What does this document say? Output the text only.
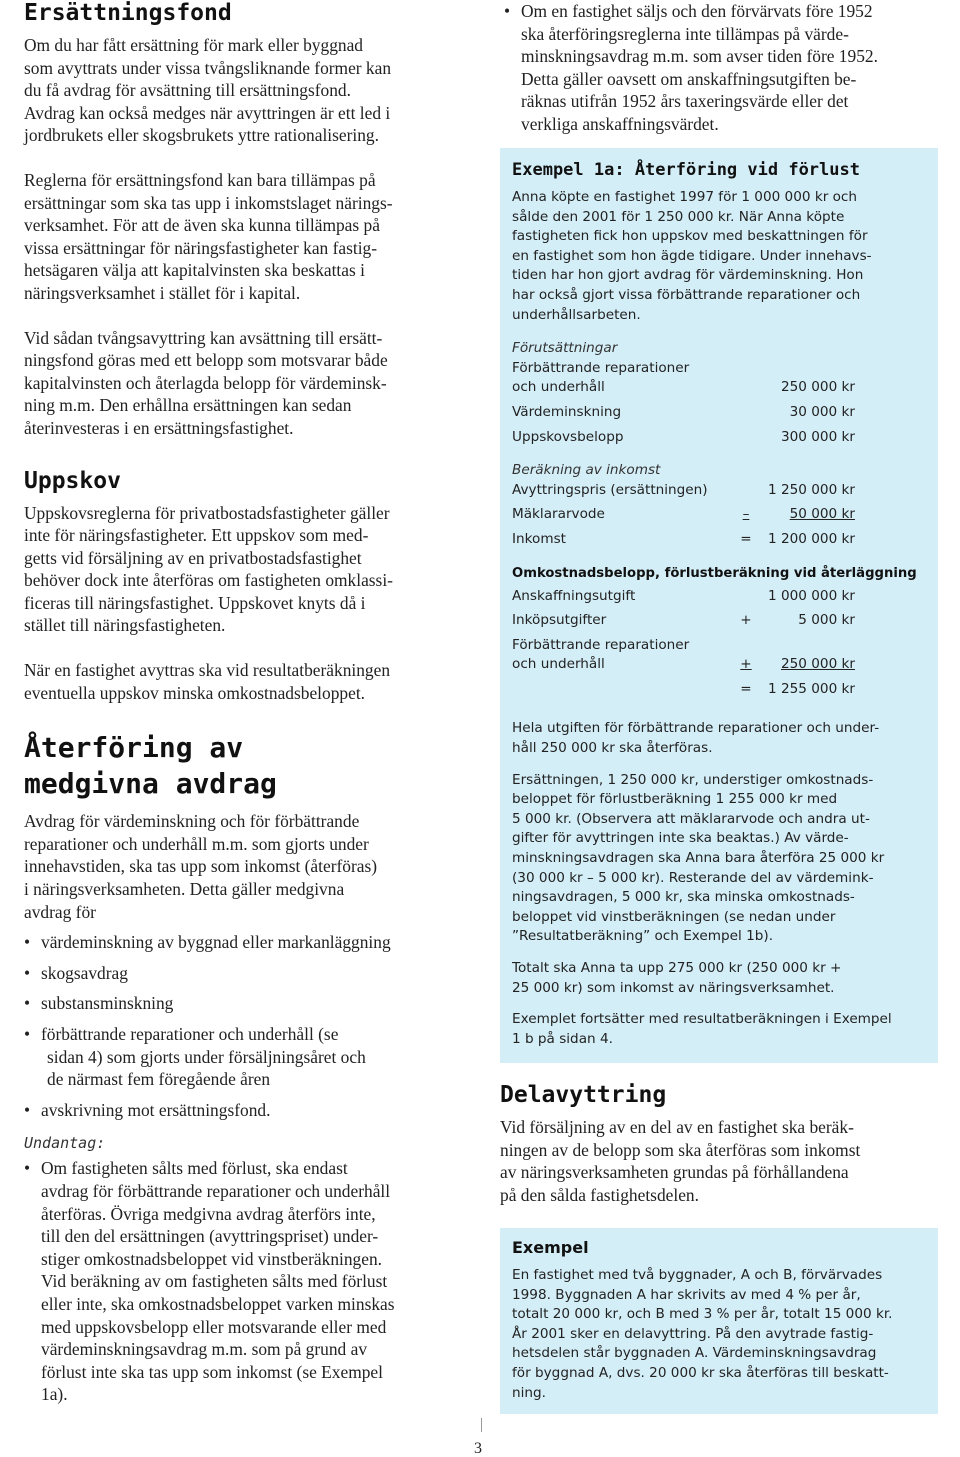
Ersättningsfond
Om du har fått ersättning för mark eller byggnad
som avyttrats under vissa tvångsliknande former kan
du få avdrag för avsättning till ersättningsfond.
Avdrag kan också medges när avyttringen är ett led i
jordbrukets eller skogsbrukets yttre rationalisering.
Reglerna för ersättningsfond kan bara tillämpas på
ersättningar som ska tas upp i inkomstslaget närings-
verksamhet. För att de även ska kunna tillämpas på
vissa ersättningar för näringsfastigheter kan fastig-
hetsägaren välja att kapitalvinsten ska beskattas i
näringsverksamhet i stället för i kapital.
Vid sådan tvångsavyttring kan avsättning till ersätt-
ningsfond göras med ett belopp som motsvarar både
kapitalvinsten och återlagda belopp för värdeminsk-
ning m.m. Den erhållna ersättningen kan sedan
återinvesteras i en ersättningsfastighet.
Uppskov
Uppskovsreglerna för privatbostadsfastigheter gäller
inte för näringsfastigheter. Ett uppskov som med-
getts vid försäljning av en privatbostadsfastighet
behöver dock inte återföras om fastigheten omklassi-
ficeras till näringsfastighet. Uppskovet knyts då i
stället till näringsfastigheten.
När en fastighet avyttras ska vid resultatberäkningen
eventuella uppskov minska omkostnadsbeloppet.
Återföring av
medgivna avdrag
Avdrag för värdeminskning och för förbättrande
reparationer och underhåll m.m. som gjorts under
innehavstiden, ska tas upp som inkomst (återföras)
i näringsverksamheten. Detta gäller medgivna
avdrag för
• värdeminskning av byggnad eller markanläggning
• skogsavdrag
• substansminskning
• förbättrande reparationer och underhåll (se
sidan 4) som gjorts under försäljningsåret och
de närmast fem föregående åren
• avskrivning mot ersättningsfond.
Undantag:
• Om fastigheten sålts med förlust, ska endast
avdrag för förbättrande reparationer och underhåll
återföras. Övriga medgivna avdrag återförs inte,
till den del ersättningen (avyttringspriset) under-
stiger omkostnadsbeloppet vid vinstberäkningen.
Vid beräkning av om fastigheten sålts med förlust
eller inte, ska omkostnadsbeloppet varken minskas
med uppskovsbelopp eller motsvarande eller med
värdeminskningsavdrag m.m. som på grund av
förlust inte ska tas upp som inkomst (se Exempel
1a).
• Om en fastighet säljs och den förvärvats före 1952
ska återföringsreglerna inte tillämpas på värde-
minskningsavdrag m.m. som avser tiden före 1952.
Detta gäller oavsett om anskaffningsutgiften be-
räknas utifrån 1952 års taxeringsvärde eller det
verkliga anskaffningsvärdet.
Exempel 1a: Återföring vid förlust
Anna köpte en fastighet 1997 för 1 000 000 kr och
sålde den 2001 för 1 250 000 kr. När Anna köpte
fastigheten fick hon uppskov med beskattningen för
en fastighet som hon ägde tidigare. Under innehavs-
tiden har hon gjort avdrag för värdeminskning. Hon
har också gjort vissa förbättrande reparationer och
underhållsarbeten.
Förutsättningar
Förbättrande reparationer
och underhåll	250 000 kr
Värdeminskning	30 000 kr
Uppskovsbelopp	300 000 kr
Beräkning av inkomst
Avyttringspris (ersättningen)	1 250 000 kr
Mäklararvode	–	50 000 kr
Inkomst	=	1 200 000 kr
Omkostnadsbelopp, förlustberäkning vid återläggning
Anskaffningsutgift	1 000 000 kr
Inköpsutgifter	+	5 000 kr
Förbättrande reparationer
och underhåll	+	250 000 kr
=	1 255 000 kr
Hela utgiften för förbättrande reparationer och under-
håll 250 000 kr ska återföras.
Ersättningen, 1 250 000 kr, understiger omkostnads-
beloppet för förlustberäkning 1 255 000 kr med
5 000 kr. (Observera att mäklararvode och andra ut-
gifter för avyttringen inte ska beaktas.) Av värde-
minskningsavdragen ska Anna bara återföra 25 000 kr
(30 000 kr – 5 000 kr). Resterande del av värdemink-
ningsavdragen, 5 000 kr, ska minska omkostnads-
beloppet vid vinstberäkningen (se nedan under
”Resultatberäkning” och Exempel 1b).
Totalt ska Anna ta upp 275 000 kr (250 000 kr +
25 000 kr) som inkomst av näringsverksamhet.
Exemplet fortsätter med resultatberäkningen i Exempel
1 b på sidan 4.
Delavyttring
Vid försäljning av en del av en fastighet ska beräk-
ningen av de belopp som ska återföras som inkomst
av näringsverksamheten grundas på förhållandena
på den sålda fastighetsdelen.
Exempel
En fastighet med två byggnader, A och B, förvärvades
1998. Byggnaden A har skrivits av med 4 % per år,
totalt 20 000 kr, och B med 3 % per år, totalt 15 000 kr.
År 2001 sker en delavyttring. På den avytrade fastig-
hetsdelen står byggnaden A. Värdeminskningsavdrag
för byggnad A, dvs. 20 000 kr ska återföras till beskatt-
ning.
3
